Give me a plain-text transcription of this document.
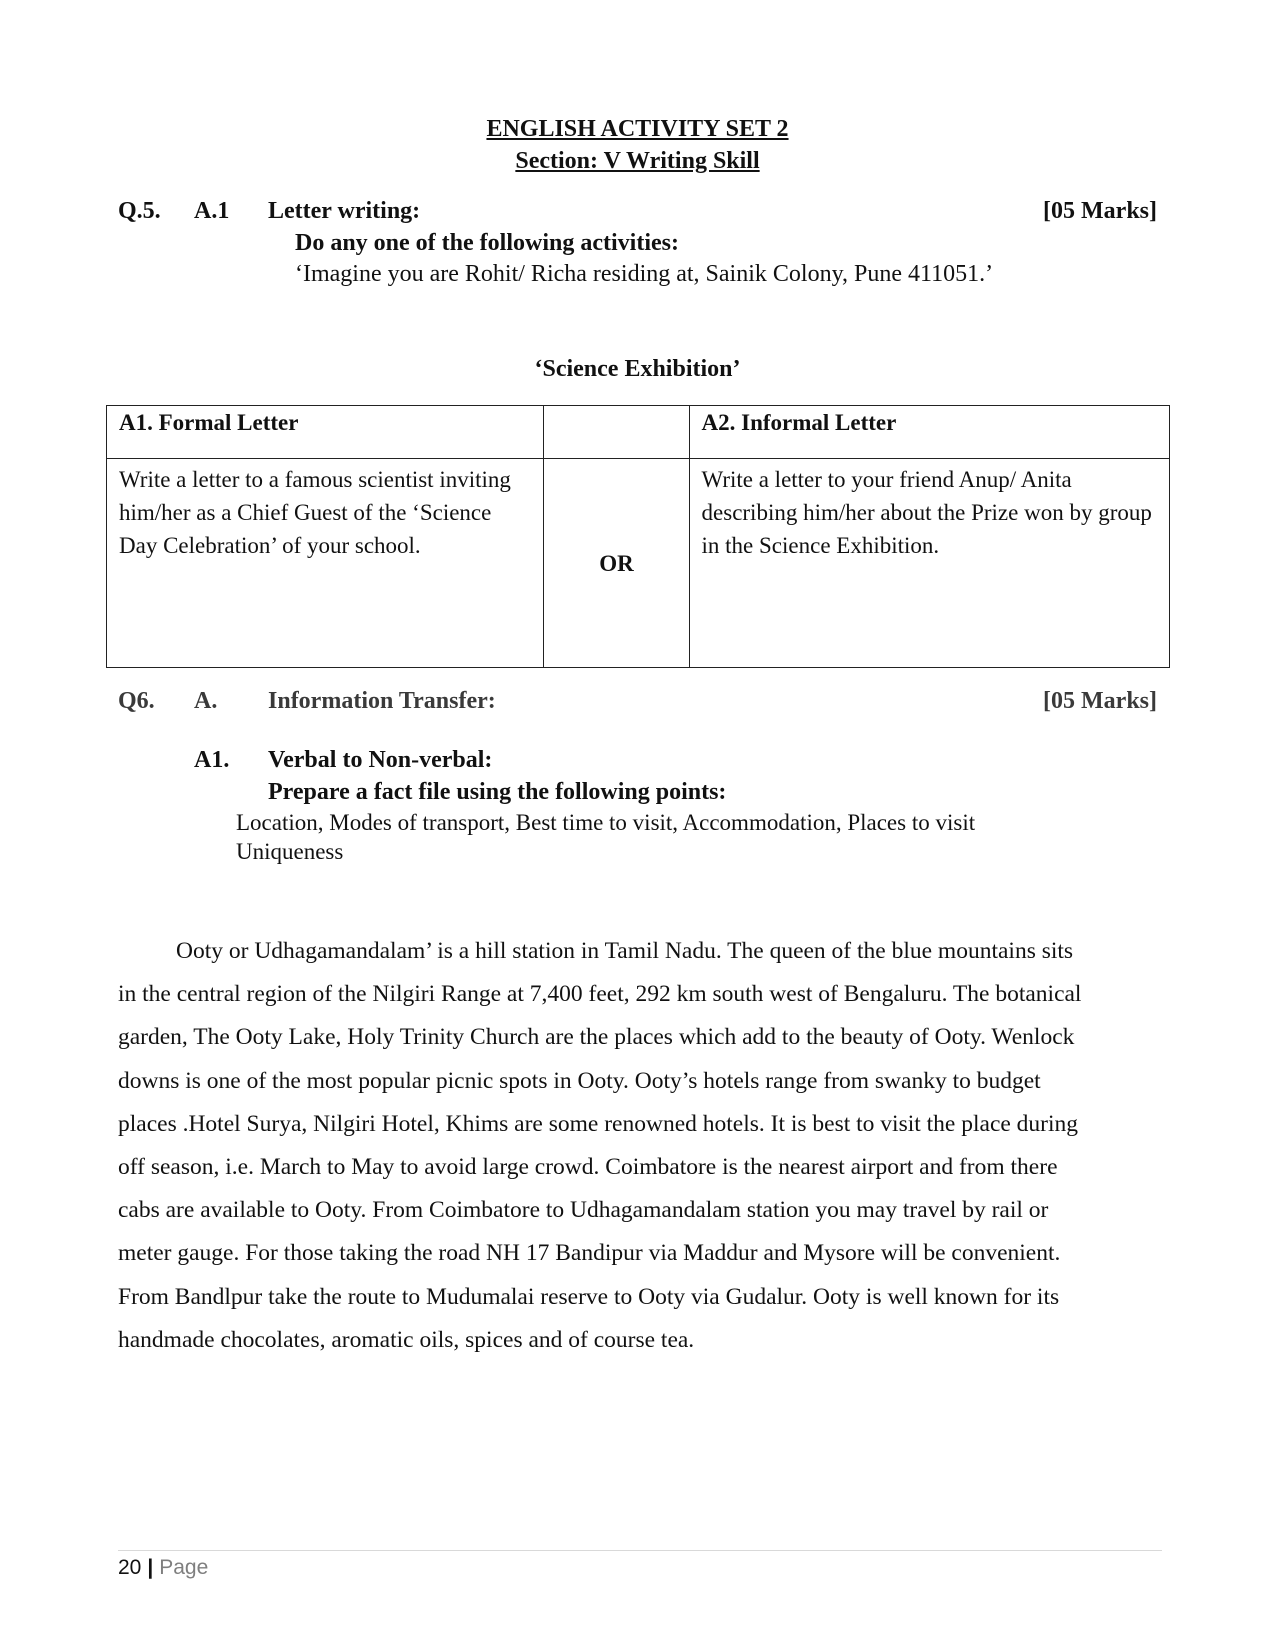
ENGLISH ACTIVITY SET 2
Section: V Writing Skill
Q.5. A.1 Letter writing:	[05 Marks]
Do any one of the following activities:
‘Imagine you are Rohit/ Richa residing at, Sainik Colony, Pune 411051.’
‘Science Exhibition’
A1. Formal Letter		A2. Informal Letter

Write a letter to a famous scientist inviting him/her as a Chief Guest of the ‘Science Day Celebration’ of your school.	OR	Write a letter to your friend Anup/ Anita describing him/her about the Prize won by group in the Science Exhibition.
Q6. A. Information Transfer:	[05 Marks]
A1. Verbal to Non-verbal:
Prepare a fact file using the following points:
Location, Modes of transport, Best time to visit, Accommodation, Places to visit
Uniqueness
Ooty or Udhagamandalam’ is a hill station in Tamil Nadu. The queen of the blue mountains sits
in the central region of the Nilgiri Range at 7,400 feet, 292 km south west of Bengaluru. The botanical
garden, The Ooty Lake, Holy Trinity Church are the places which add to the beauty of Ooty. Wenlock
downs is one of the most popular picnic spots in Ooty. Ooty’s hotels range from swanky to budget
places .Hotel Surya, Nilgiri Hotel, Khims are some renowned hotels. It is best to visit the place during
off season, i.e. March to May to avoid large crowd. Coimbatore is the nearest airport and from there
cabs are available to Ooty. From Coimbatore to Udhagamandalam station you may travel by rail or
meter gauge. For those taking the road NH 17 Bandipur via Maddur and Mysore will be convenient.
From Bandlpur take the route to Mudumalai reserve to Ooty via Gudalur. Ooty is well known for its
handmade chocolates, aromatic oils, spices and of course tea.
20 | Page
